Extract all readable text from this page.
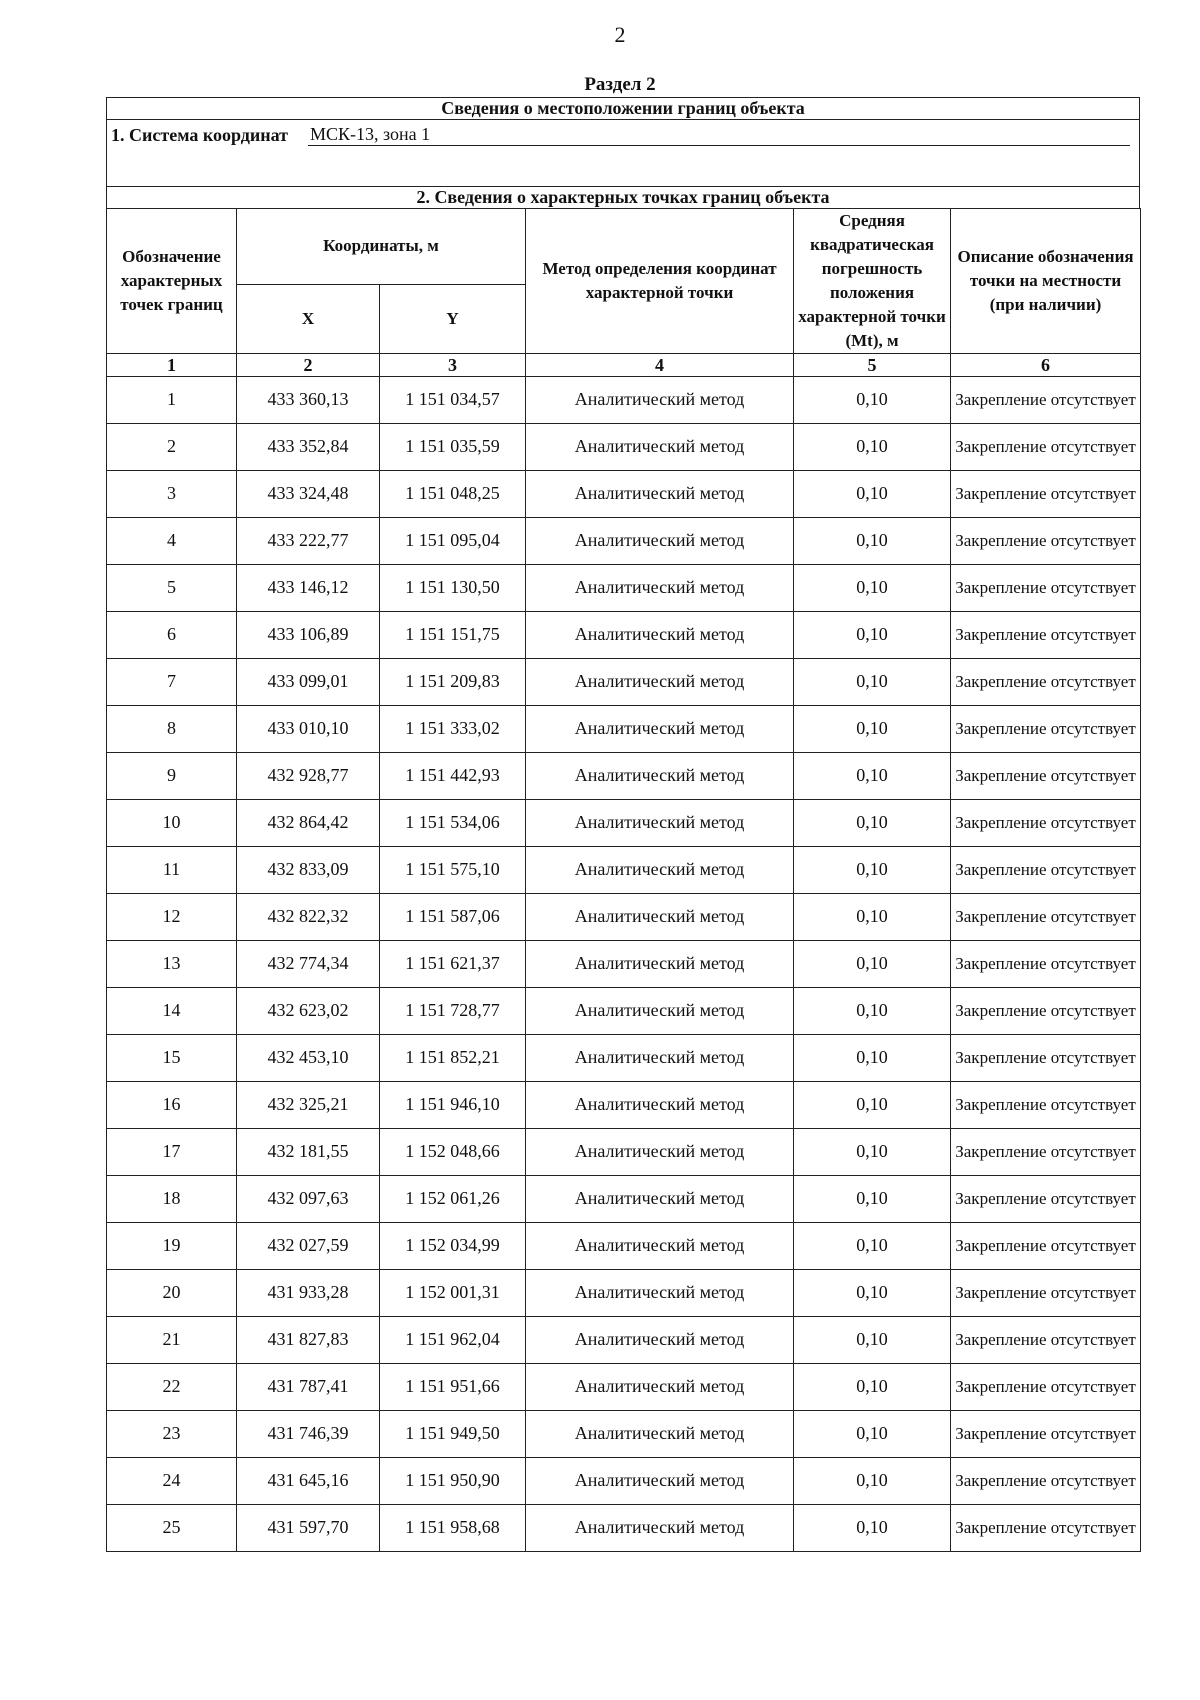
2
Раздел 2
Сведения о местоположении границ объекта

1. Система координат МСК-13, зона 1

2. Сведения о характерных точках границ объекта
Обозначение характерных точек границ	Координаты, м		Метод определения координат характерной точки	Средняя квадратическая погрешность положения характерной точки (Mt), м	Описание обозначения точки на местности (при наличии)
	X	Y			
1	2	3	4	5	6
1	433 360,13	1 151 034,57	Аналитический метод	0,10	Закрепление отсутствует
2	433 352,84	1 151 035,59	Аналитический метод	0,10	Закрепление отсутствует
3	433 324,48	1 151 048,25	Аналитический метод	0,10	Закрепление отсутствует
4	433 222,77	1 151 095,04	Аналитический метод	0,10	Закрепление отсутствует
5	433 146,12	1 151 130,50	Аналитический метод	0,10	Закрепление отсутствует
6	433 106,89	1 151 151,75	Аналитический метод	0,10	Закрепление отсутствует
7	433 099,01	1 151 209,83	Аналитический метод	0,10	Закрепление отсутствует
8	433 010,10	1 151 333,02	Аналитический метод	0,10	Закрепление отсутствует
9	432 928,77	1 151 442,93	Аналитический метод	0,10	Закрепление отсутствует
10	432 864,42	1 151 534,06	Аналитический метод	0,10	Закрепление отсутствует
11	432 833,09	1 151 575,10	Аналитический метод	0,10	Закрепление отсутствует
12	432 822,32	1 151 587,06	Аналитический метод	0,10	Закрепление отсутствует
13	432 774,34	1 151 621,37	Аналитический метод	0,10	Закрепление отсутствует
14	432 623,02	1 151 728,77	Аналитический метод	0,10	Закрепление отсутствует
15	432 453,10	1 151 852,21	Аналитический метод	0,10	Закрепление отсутствует
16	432 325,21	1 151 946,10	Аналитический метод	0,10	Закрепление отсутствует
17	432 181,55	1 152 048,66	Аналитический метод	0,10	Закрепление отсутствует
18	432 097,63	1 152 061,26	Аналитический метод	0,10	Закрепление отсутствует
19	432 027,59	1 152 034,99	Аналитический метод	0,10	Закрепление отсутствует
20	431 933,28	1 152 001,31	Аналитический метод	0,10	Закрепление отсутствует
21	431 827,83	1 151 962,04	Аналитический метод	0,10	Закрепление отсутствует
22	431 787,41	1 151 951,66	Аналитический метод	0,10	Закрепление отсутствует
23	431 746,39	1 151 949,50	Аналитический метод	0,10	Закрепление отсутствует
24	431 645,16	1 151 950,90	Аналитический метод	0,10	Закрепление отсутствует
25	431 597,70	1 151 958,68	Аналитический метод	0,10	Закрепление отсутствует
